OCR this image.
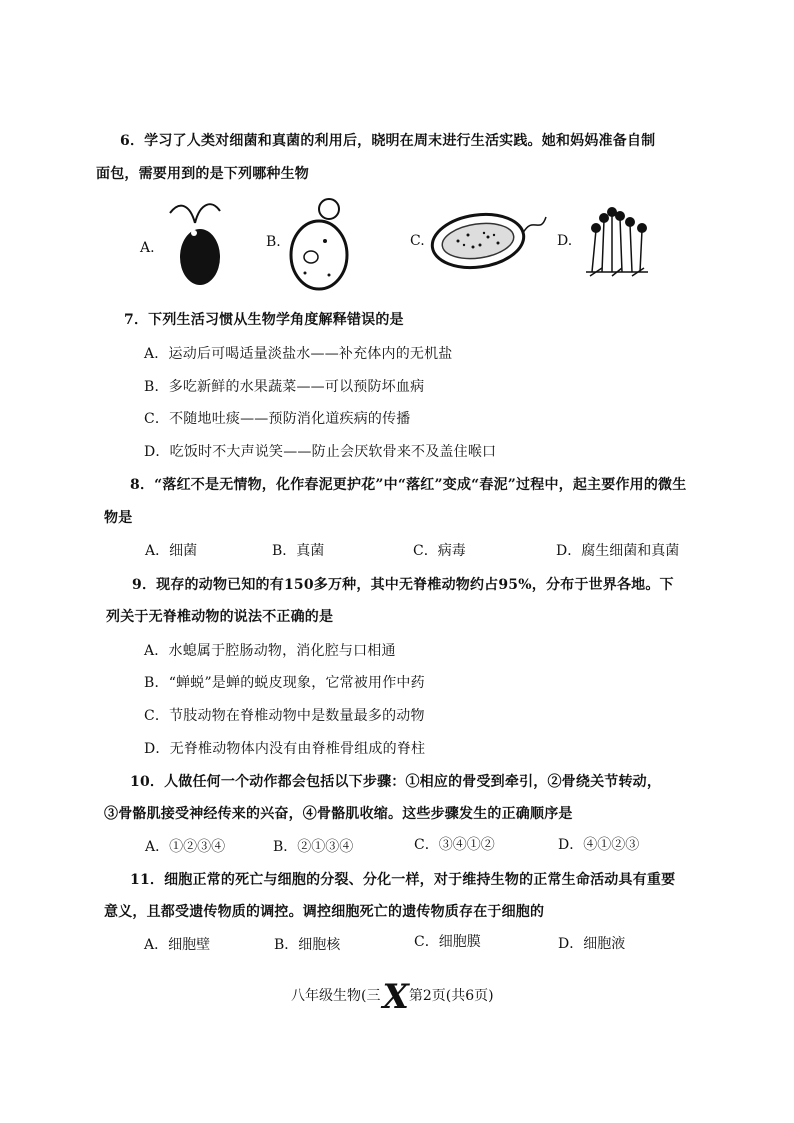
6．学习了人类对细菌和真菌的利用后，晓明在周末进行生活实践。她和妈妈准备自制
面包，需要用到的是下列哪种生物
A.	B.	C.	D.
7．下列生活习惯从生物学角度解释错误的是
A．运动后可喝适量淡盐水——补充体内的无机盐
B．多吃新鲜的水果蔬菜——可以预防坏血病
C．不随地吐痰——预防消化道疾病的传播
D．吃饭时不大声说笑——防止会厌软骨来不及盖住喉口
8．“落红不是无情物，化作春泥更护花”中“落红”变成“春泥”过程中，起主要作用的微生
物是
A．细菌	B．真菌	C．病毒	D．腐生细菌和真菌
9．现存的动物已知的有150多万种，其中无脊椎动物约占95%，分布于世界各地。下
列关于无脊椎动物的说法不正确的是
A．水螅属于腔肠动物，消化腔与口相通
B．“蝉蜕”是蝉的蜕皮现象，它常被用作中药
C．节肢动物在脊椎动物中是数量最多的动物
D．无脊椎动物体内没有由脊椎骨组成的脊柱
10．人做任何一个动作都会包括以下步骤：①相应的骨受到牵引，②骨绕关节转动，
③骨骼肌接受神经传来的兴奋，④骨骼肌收缩。这些步骤发生的正确顺序是
A．①②③④	B．②①③④	C．③④①②	D．④①②③
11．细胞正常的死亡与细胞的分裂、分化一样，对于维持生物的正常生命活动具有重要
意义，且都受遗传物质的调控。调控细胞死亡的遗传物质存在于细胞的
A．细胞壁	B．细胞核	C．细胞膜	D．细胞液
八年级生物(三X 第2页(共6页)
